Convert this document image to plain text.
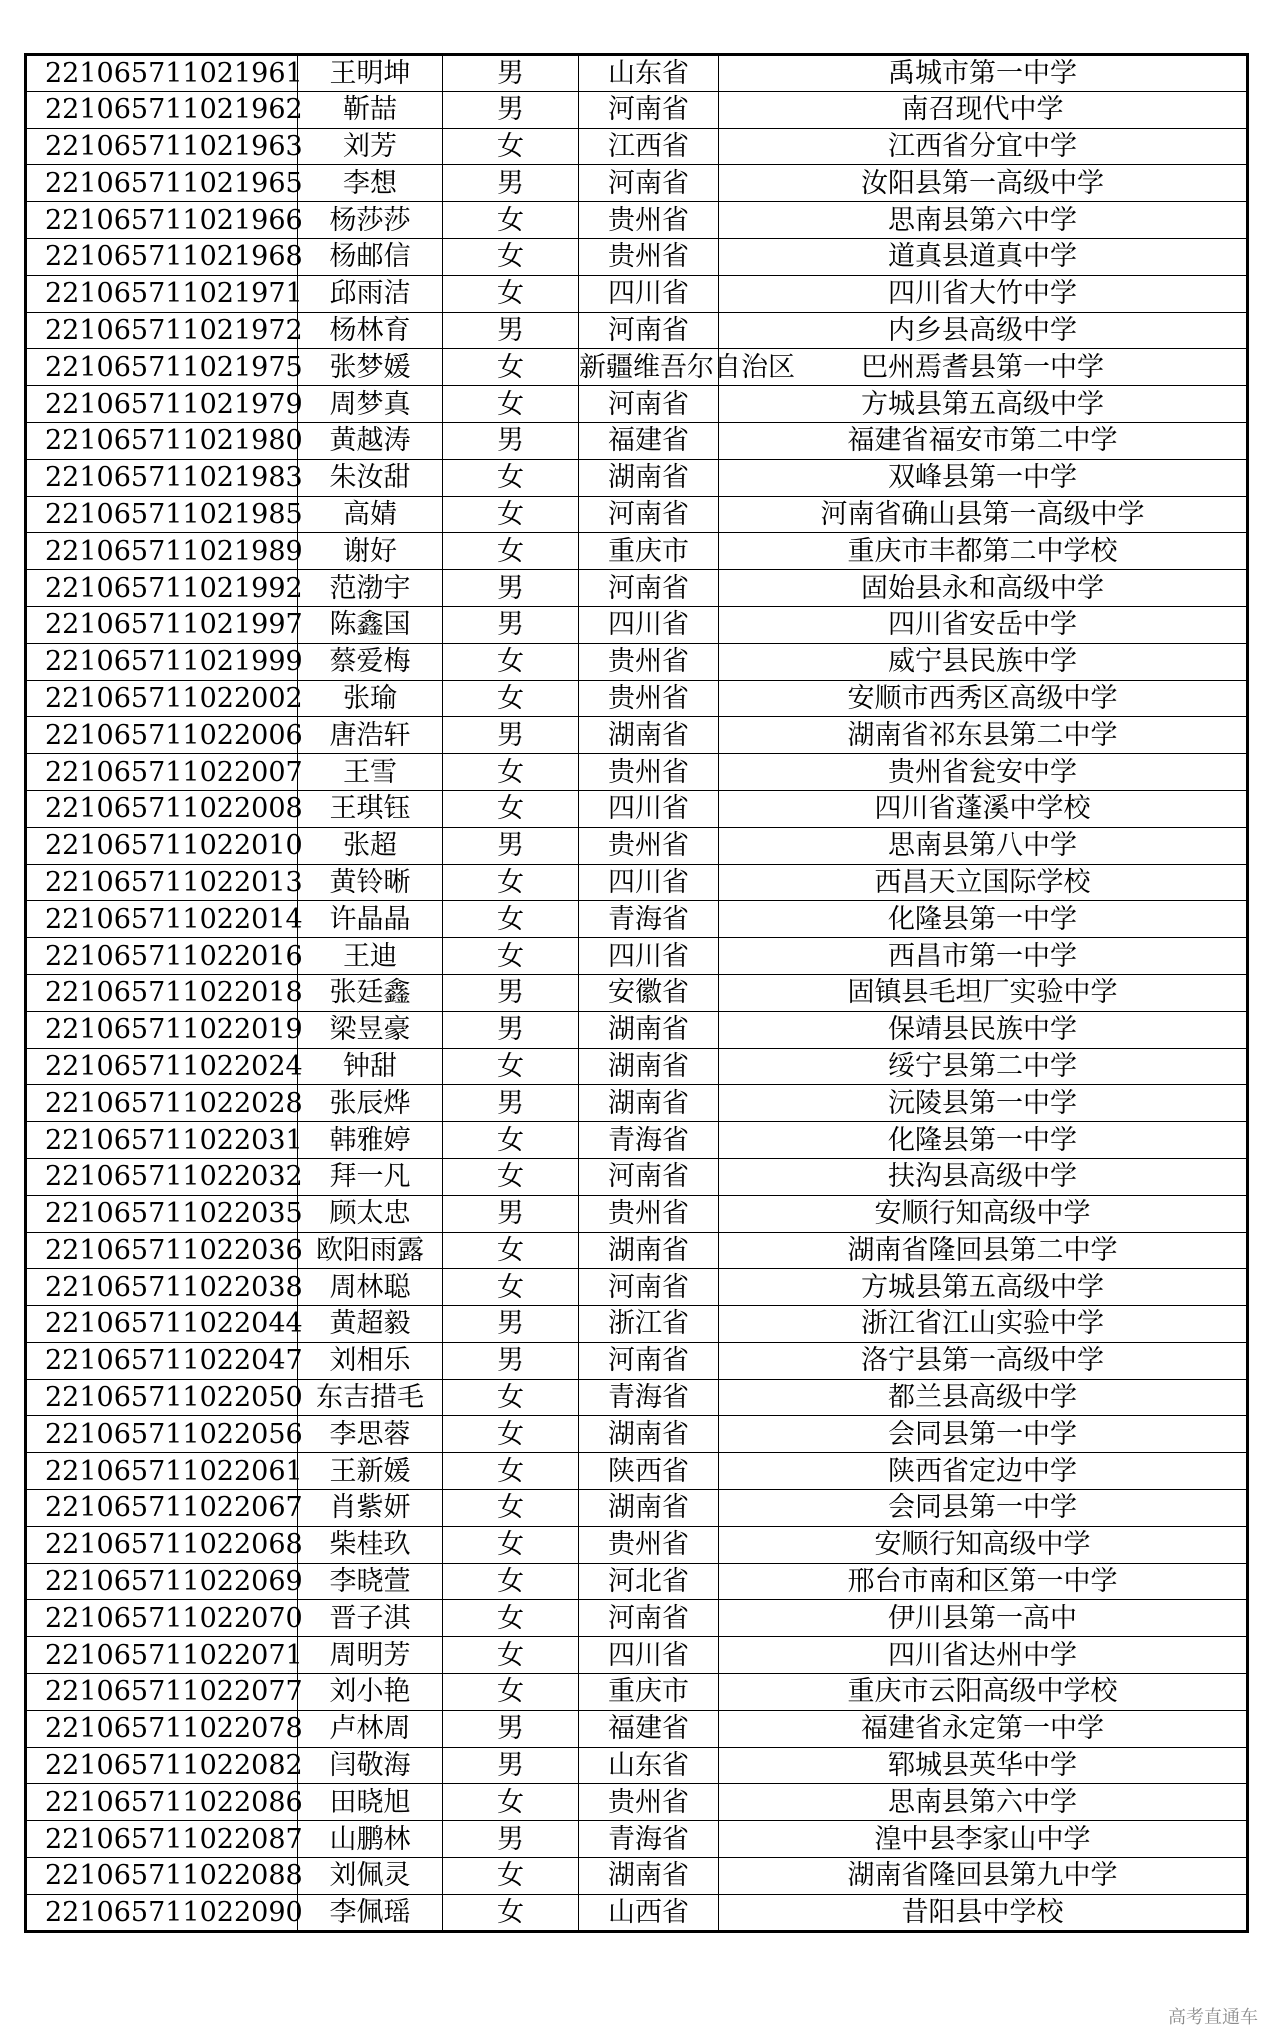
221065711021961	王明坤	男	山东省	禹城市第一中学
221065711021962	靳喆	男	河南省	南召现代中学
221065711021963	刘芳	女	江西省	江西省分宜中学
221065711021965	李想	男	河南省	汝阳县第一高级中学
221065711021966	杨莎莎	女	贵州省	思南县第六中学
221065711021968	杨邮信	女	贵州省	道真县道真中学
221065711021971	邱雨洁	女	四川省	四川省大竹中学
221065711021972	杨林育	男	河南省	内乡县高级中学
221065711021975	张梦媛	女	新疆维吾尔自治区	巴州焉耆县第一中学
221065711021979	周梦真	女	河南省	方城县第五高级中学
221065711021980	黄越涛	男	福建省	福建省福安市第二中学
221065711021983	朱汝甜	女	湖南省	双峰县第一中学
221065711021985	高婧	女	河南省	河南省确山县第一高级中学
221065711021989	谢好	女	重庆市	重庆市丰都第二中学校
221065711021992	范渤宇	男	河南省	固始县永和高级中学
221065711021997	陈鑫国	男	四川省	四川省安岳中学
221065711021999	蔡爱梅	女	贵州省	威宁县民族中学
221065711022002	张瑜	女	贵州省	安顺市西秀区高级中学
221065711022006	唐浩轩	男	湖南省	湖南省祁东县第二中学
221065711022007	王雪	女	贵州省	贵州省瓮安中学
221065711022008	王琪钰	女	四川省	四川省蓬溪中学校
221065711022010	张超	男	贵州省	思南县第八中学
221065711022013	黄铃晰	女	四川省	西昌天立国际学校
221065711022014	许晶晶	女	青海省	化隆县第一中学
221065711022016	王迪	女	四川省	西昌市第一中学
221065711022018	张廷鑫	男	安徽省	固镇县毛坦厂实验中学
221065711022019	梁昱豪	男	湖南省	保靖县民族中学
221065711022024	钟甜	女	湖南省	绥宁县第二中学
221065711022028	张辰烨	男	湖南省	沅陵县第一中学
221065711022031	韩雅婷	女	青海省	化隆县第一中学
221065711022032	拜一凡	女	河南省	扶沟县高级中学
221065711022035	顾太忠	男	贵州省	安顺行知高级中学
221065711022036	欧阳雨露	女	湖南省	湖南省隆回县第二中学
221065711022038	周林聪	女	河南省	方城县第五高级中学
221065711022044	黄超毅	男	浙江省	浙江省江山实验中学
221065711022047	刘相乐	男	河南省	洛宁县第一高级中学
221065711022050	东吉措毛	女	青海省	都兰县高级中学
221065711022056	李思蓉	女	湖南省	会同县第一中学
221065711022061	王新媛	女	陕西省	陕西省定边中学
221065711022067	肖紫妍	女	湖南省	会同县第一中学
221065711022068	柴桂玖	女	贵州省	安顺行知高级中学
221065711022069	李晓萱	女	河北省	邢台市南和区第一中学
221065711022070	晋子淇	女	河南省	伊川县第一高中
221065711022071	周明芳	女	四川省	四川省达州中学
221065711022077	刘小艳	女	重庆市	重庆市云阳高级中学校
221065711022078	卢林周	男	福建省	福建省永定第一中学
221065711022082	闫敬海	男	山东省	郓城县英华中学
221065711022086	田晓旭	女	贵州省	思南县第六中学
221065711022087	山鹏林	男	青海省	湟中县李家山中学
221065711022088	刘佩灵	女	湖南省	湖南省隆回县第九中学
221065711022090	李佩瑶	女	山西省	昔阳县中学校
高考直通车
